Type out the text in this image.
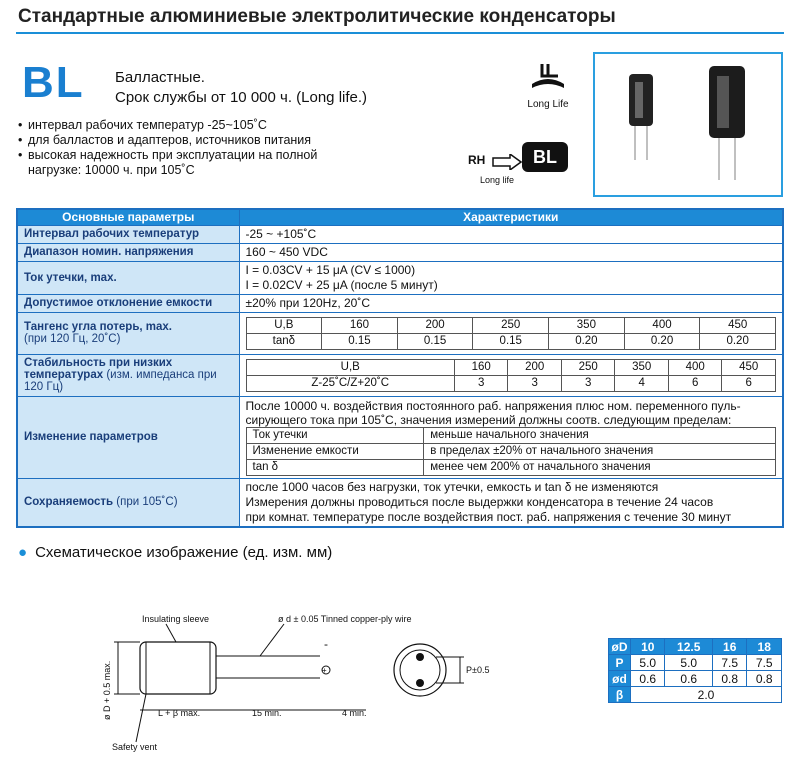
Стандартные алюминиевые электролитические конденсаторы
BL Балластные.
Срок службы от 10 000 ч. (Long life.)
• интервал рабочих температур -25~105˚C
• для балластов и адаптеров, источников питания
• высокая надежность при эксплуатации на полной нагрузке: 10000 ч. при 105˚C
Long Life
RH
Long life
BL
Основные параметры	Характеристики
Интервал рабочих температур	-25 ~ +105˚C
Диапазон номин. напряжения	160 ~ 450 VDC
Ток утечки, max.	
I = 0.03CV + 15 μA (CV ≤ 1000)
I = 0.02CV + 25 μA (после 5 минут)

Допустимое отклонение емкости	±20% при 120Hz, 20˚C

Тангенс угла потерь, max.
(при 120 Гц, 20˚C)

U,B	160	200	250	350	400	450
tanδ	0.15	0.15	0.15	0.20	0.20	0.20

Стабильность при низких температурах (изм. импеданса при 120 Гц)	
U,B	160	200	250	350	400	450
Z-25˚C/Z+20˚C	3	3	3	4	6	6

Изменение параметров	
После 10000 ч. воздействия постоянного раб. напряжения плюс ном. переменного пуль- сирующего тока при 105˚C, значения измерений должны соотв. следующим пределам:
Ток утечки	меньше начального значения
Изменение емкости	в пределах ±20% от начального значения
tan δ	менее чем 200% от начального значения

Сохраняемость (при 105˚C)	
после 1000 часов без нагрузки, ток утечки, емкость и tan δ не изменяются
Измерения должны проводиться после выдержки конденсатора в течение 24 часов
при комнат. температуре после воздействия пост. раб. напряжения с течение 30 минут
● Схематическое изображение (ед. изм. мм)
ø D + 0.5 max.	L + β max.	15 min.	4 min.
Insulating sleeve	ø d ± 0.05 Tinned copper-ply wire
Safety vent
-
+	P±0.5
øD	10	12.5	16	18
P	5.0	5.0	7.5	7.5
ød	0.6	0.6	0.8	0.8
β	2.0			
